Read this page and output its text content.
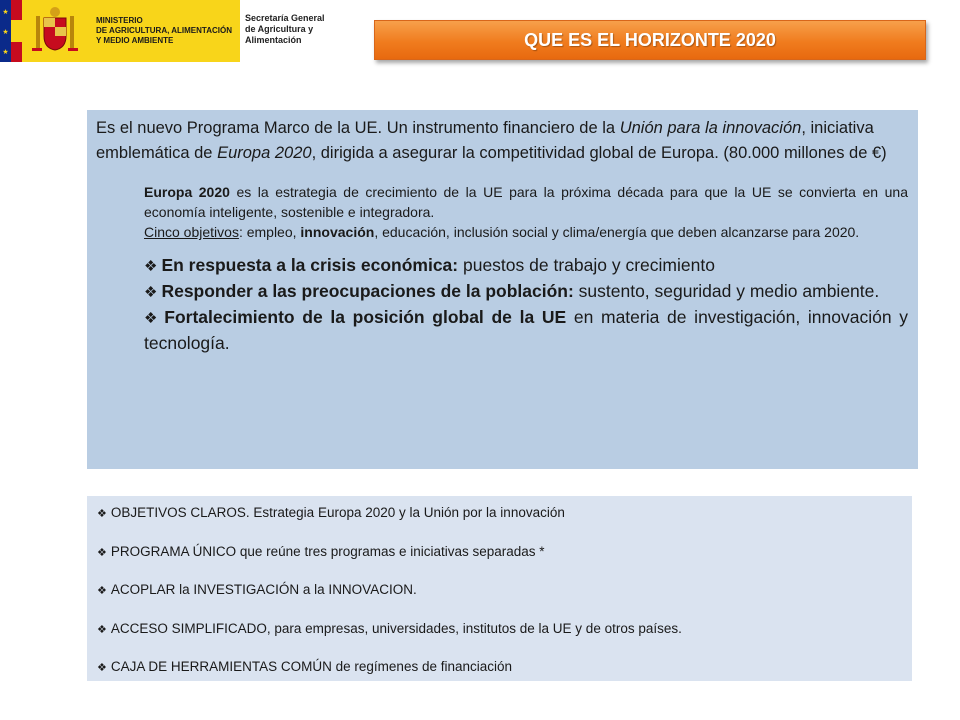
★
★
★
MINISTERIO
DE AGRICULTURA, ALIMENTACIÓN
Y MEDIO AMBIENTE
Secretaría General
de Agricultura y
Alimentación	QUE ES EL HORIZONTE 2020

Es el nuevo Programa Marco de la UE. Un instrumento financiero de la Unión para la innovación, iniciativa emblemática de Europa 2020, dirigida a asegurar la competitividad global de Europa. (80.000 millones de €)

Europa 2020 es la estrategia de crecimiento de la UE para la próxima década para que la UE se convierta en una economía inteligente, sostenible e integradora.

Cinco objetivos: empleo, innovación, educación, inclusión social y clima/energía que deben alcanzarse para 2020.

❖ En respuesta a la crisis económica: puestos de trabajo y crecimiento
❖ Responder a las preocupaciones de la población: sustento, seguridad y medio ambiente.
❖ Fortalecimiento de la posición global de la UE en materia de investigación, innovación y tecnología.
❖ OBJETIVOS CLAROS. Estrategia Europa 2020 y la Unión por la innovación
❖ PROGRAMA ÚNICO que reúne tres programas e iniciativas separadas *
❖ ACOPLAR la INVESTIGACIÓN a la INNOVACION.
❖ ACCESO SIMPLIFICADO, para empresas, universidades, institutos de la UE y de otros países.
❖ CAJA DE HERRAMIENTAS COMÚN de regímenes de financiación
